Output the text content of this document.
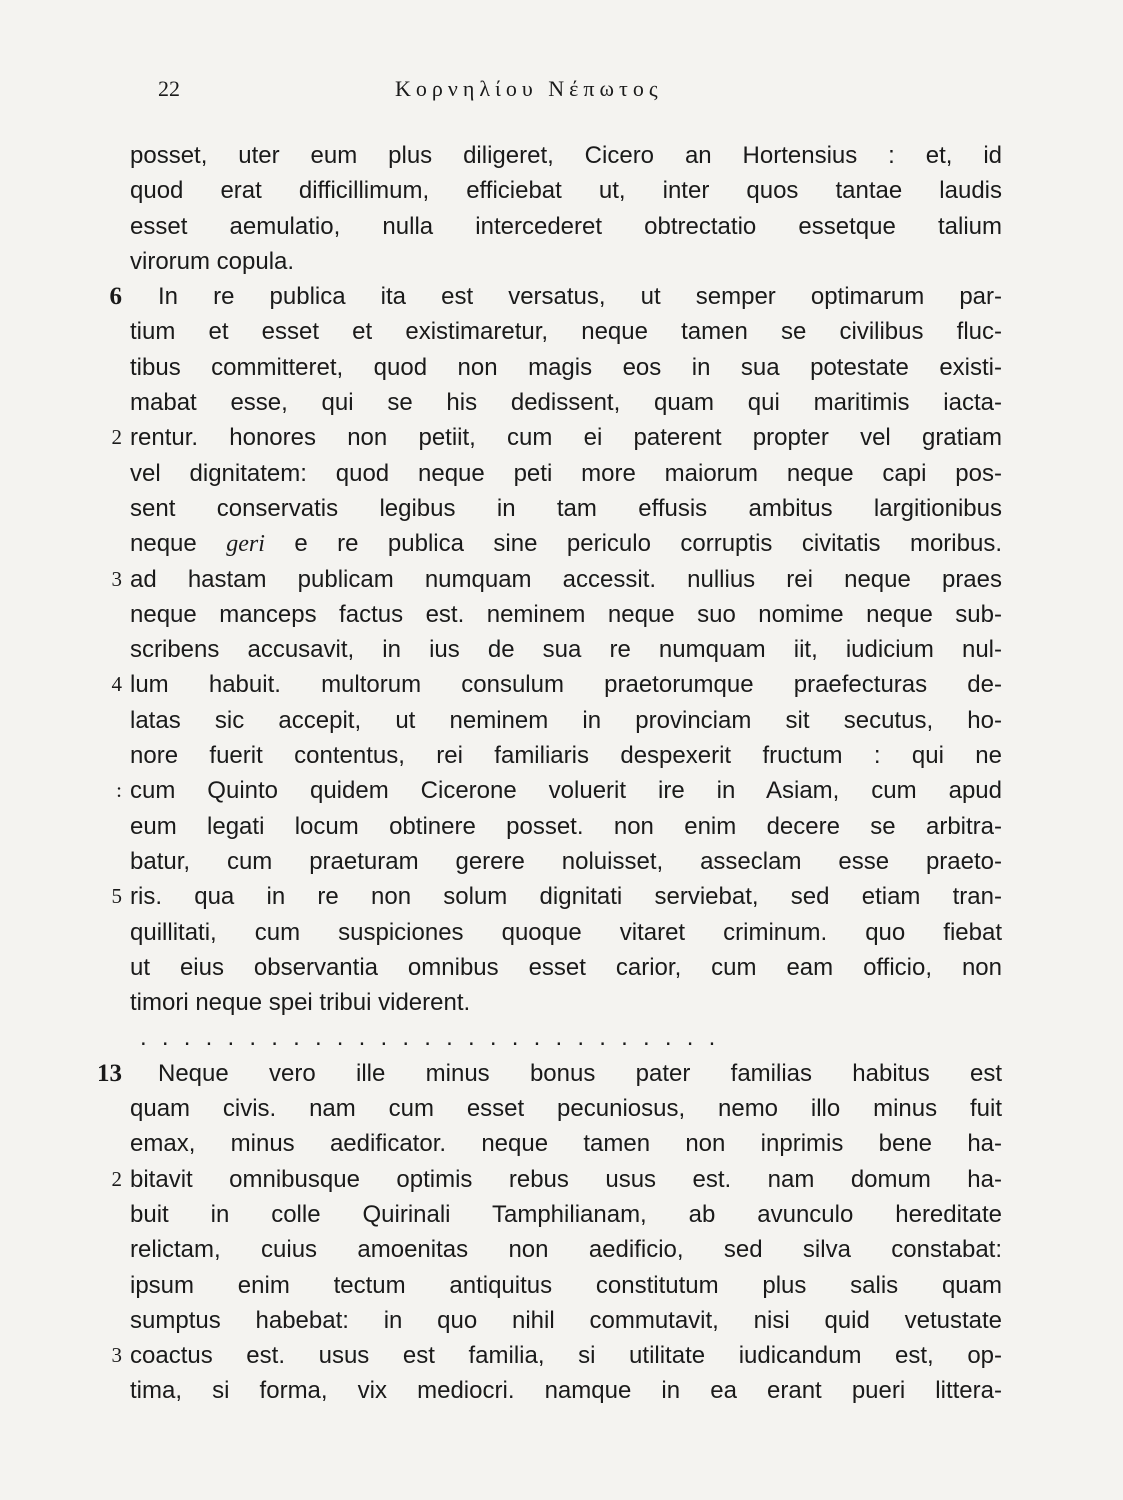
22	Κορνηλίου Νέπωτος
posset, uter eum plus diligeret, Cicero an Hortensius : et, id
quod erat difficillimum, efficiebat ut, inter quos tantae laudis
esset aemulatio, nulla intercederet obtrectatio essetque talium
virorum copula.
6 In re publica ita est versatus, ut semper optimarum par-
tium et esset et existimaretur, neque tamen se civilibus fluc-
tibus committeret, quod non magis eos in sua potestate existi-
mabat esse, qui se his dedissent, quam qui maritimis iacta-
2 rentur. honores non petiit, cum ei paterent propter vel gratiam
vel dignitatem: quod neque peti more maiorum neque capi pos-
sent conservatis legibus in tam effusis ambitus largitionibus
neque geri e re publica sine periculo corruptis civitatis moribus.
3 ad hastam publicam numquam accessit. nullius rei neque praes
neque manceps factus est. neminem neque suo nomime neque sub-
scribens accusavit, in ius de sua re numquam iit, iudicium nul-
4 lum habuit. multorum consulum praetorumque praefecturas de-
latas sic accepit, ut neminem in provinciam sit secutus, ho-
nore fuerit contentus, rei familiaris despexerit fructum : qui ne
: cum Quinto quidem Cicerone voluerit ire in Asiam, cum apud
eum legati locum obtinere posset. non enim decere se arbitra-
batur, cum praeturam gerere noluisset, asseclam esse praeto-
5 ris. qua in re non solum dignitati serviebat, sed etiam tran-
quillitati, cum suspiciones quoque vitaret criminum. quo fiebat
ut eius observantia omnibus esset carior, cum eam officio, non
timori neque spei tribui viderent.
...........................
13 Neque vero ille minus bonus pater familias habitus est
quam civis. nam cum esset pecuniosus, nemo illo minus fuit
emax, minus aedificator. neque tamen non inprimis bene ha-
2 bitavit omnibusque optimis rebus usus est. nam domum ha-
buit in colle Quirinali Tamphilianam, ab avunculo hereditate
relictam, cuius amoenitas non aedificio, sed silva constabat:
ipsum enim tectum antiquitus constitutum plus salis quam
sumptus habebat: in quo nihil commutavit, nisi quid vetustate
3 coactus est. usus est familia, si utilitate iudicandum est, op-
tima, si forma, vix mediocri. namque in ea erant pueri littera-
